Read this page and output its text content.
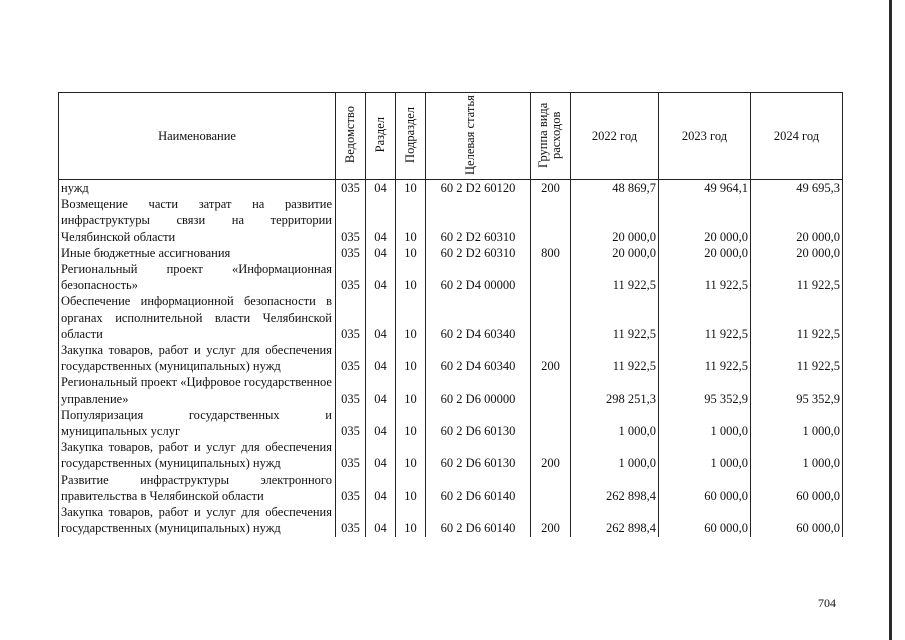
Наименование	Ведомство	Раздел	Подраздел	Целевая статья	Группа вида расходов	2022 год	2023 год	2024 год
нужд	035	04	10	60 2 D2 60120	200	48 869,7	49 964,1	49 695,3
Возмещение части затрат на развитие инфраструктуры связи на территории Челябинской области	035	04	10	60 2 D2 60310		20 000,0	20 000,0	20 000,0
Иные бюджетные ассигнования	035	04	10	60 2 D2 60310	800	20 000,0	20 000,0	20 000,0
Региональный проект «Информационная безопасность»	035	04	10	60 2 D4 00000		11 922,5	11 922,5	11 922,5
Обеспечение информационной безопасности в органах исполнительной власти Челябинской области	035	04	10	60 2 D4 60340		11 922,5	11 922,5	11 922,5
Закупка товаров, работ и услуг для обеспечения государственных (муниципальных) нужд	035	04	10	60 2 D4 60340	200	11 922,5	11 922,5	11 922,5
Региональный проект «Цифровое государственное управление»	035	04	10	60 2 D6 00000		298 251,3	95 352,9	95 352,9
Популяризация государственных и муниципальных услуг	035	04	10	60 2 D6 60130		1 000,0	1 000,0	1 000,0
Закупка товаров, работ и услуг для обеспечения государственных (муниципальных) нужд	035	04	10	60 2 D6 60130	200	1 000,0	1 000,0	1 000,0
Развитие инфраструктуры электронного правительства в Челябинской области	035	04	10	60 2 D6 60140		262 898,4	60 000,0	60 000,0
Закупка товаров, работ и услуг для обеспечения государственных (муниципальных) нужд	035	04	10	60 2 D6 60140	200	262 898,4	60 000,0	60 000,0
704
